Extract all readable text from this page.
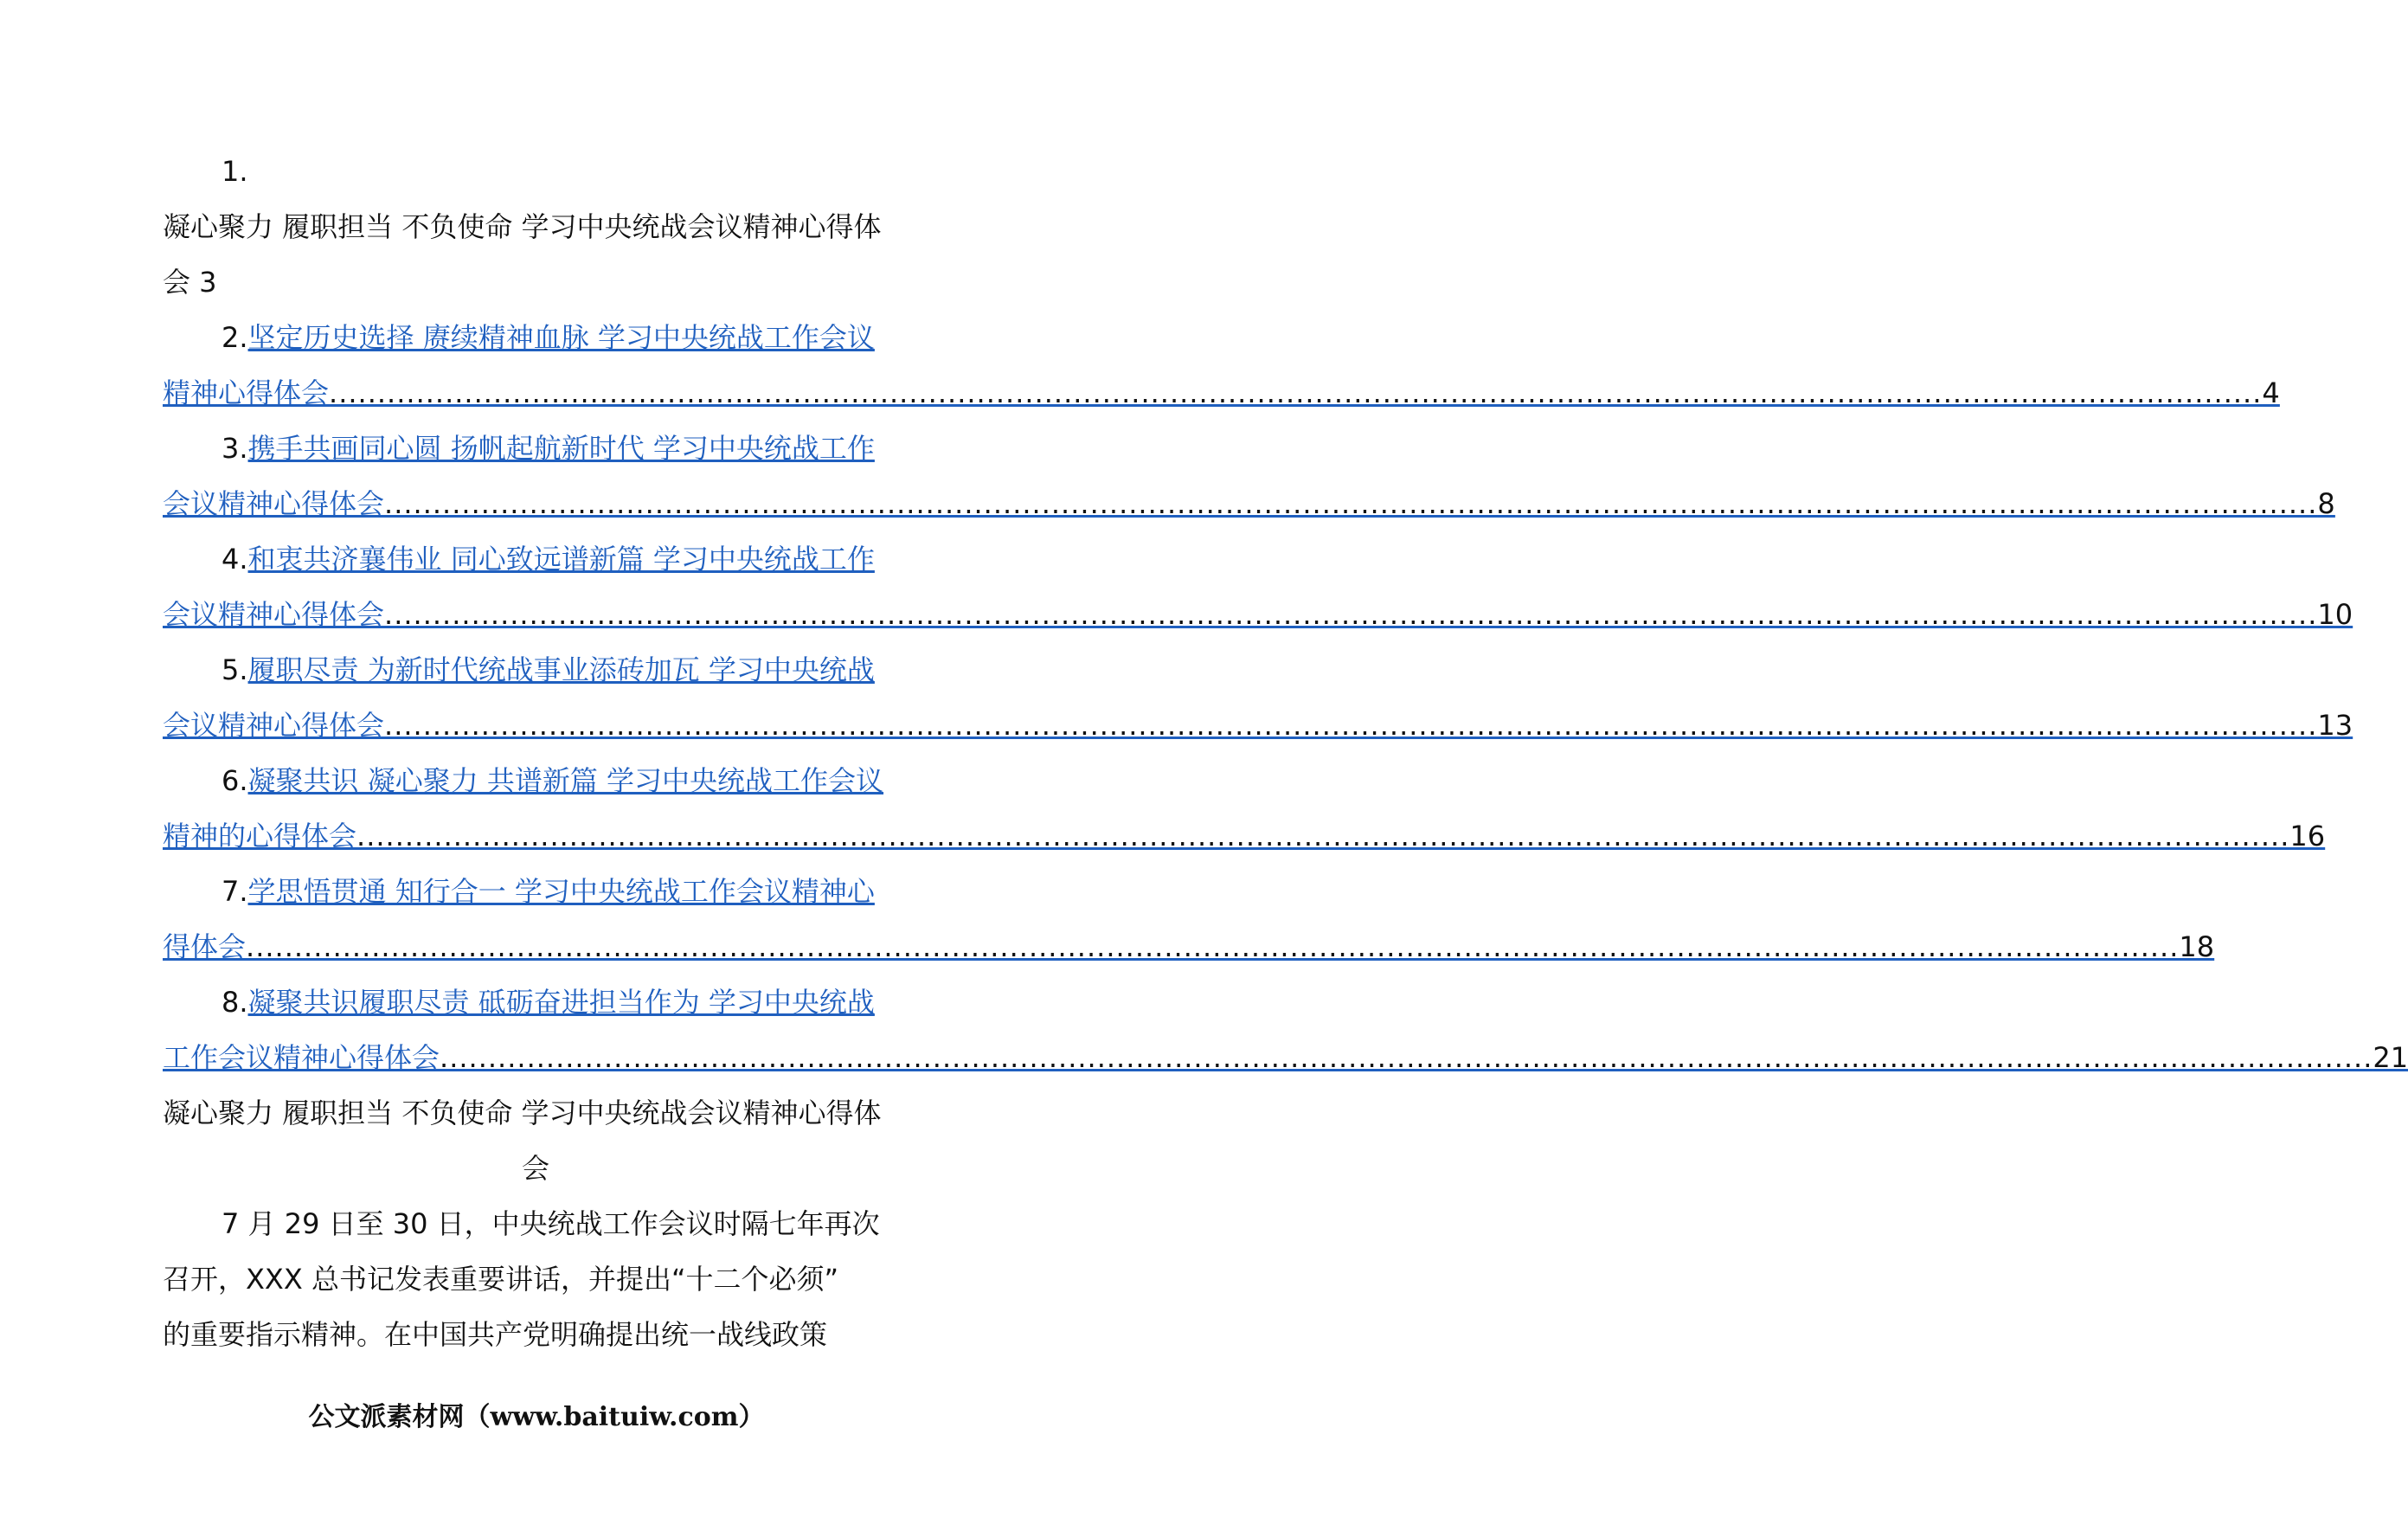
1.
凝心聚力 履职担当 不负使命 学习中央统战会议精神心得体
会 3
2.坚定历史选择 赓续精神血脉 学习中央统战工作会议
精神心得体会 ........................................................................................................................................................................................................ 4
3.携手共画同心圆 扬帆起航新时代 学习中央统战工作
会议精神心得体会 ........................................................................................................................................................................................................ 8
4.和衷共济襄伟业 同心致远谱新篇 学习中央统战工作
会议精神心得体会 ........................................................................................................................................................................................................ 10
5.履职尽责 为新时代统战事业添砖加瓦 学习中央统战
会议精神心得体会 ........................................................................................................................................................................................................ 13
6.凝聚共识 凝心聚力 共谱新篇 学习中央统战工作会议
精神的心得体会 ........................................................................................................................................................................................................ 16
7.学思悟贯通 知行合一 学习中央统战工作会议精神心
得体会 ........................................................................................................................................................................................................ 18
8.凝聚共识履职尽责 砥砺奋进担当作为 学习中央统战
工作会议精神心得体会 ........................................................................................................................................................................................................ 21
凝心聚力 履职担当 不负使命 学习中央统战会议精神心得体
会
7 月 29 日至 30 日，中央统战工作会议时隔七年再次
召开，XXX 总书记发表重要讲话，并提出“十二个必须”
的重要指示精神。在中国共产党明确提出统一战线政策
公文派素材网（www.baituiw.com）
